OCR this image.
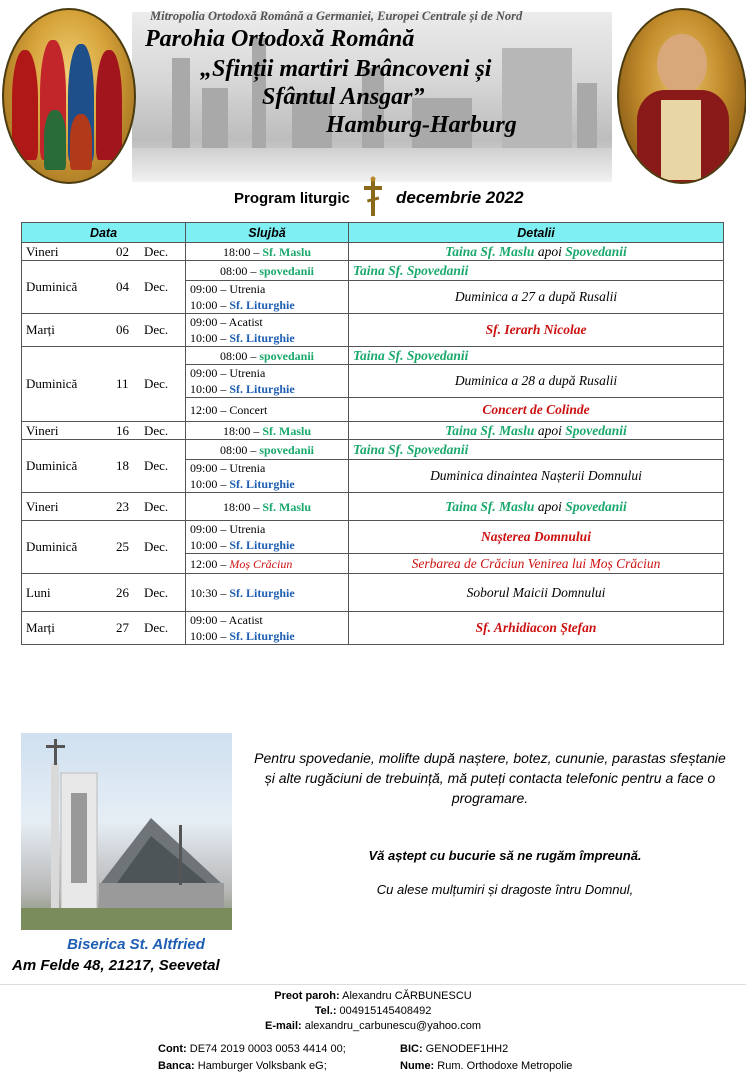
Mitropolia Ortodoxă Română a Germaniei, Europei Centrale și de Nord
Parohia Ortodoxă Română
„Sfinții martiri Brâncoveni și
Sfântul Ansgar”
Hamburg-Harburg
Program liturgic	decembrie 2022
Data	Slujbă	Detalii
Vineri 02 Dec.	18:00 – Sf. Maslu	Taina Sf. Maslu apoi Spovedanii
Duminică 04 Dec.	08:00 – spovedanii	Taina Sf. Spovedanii

	09:00 – Utrenia
10:00 – Sf. Liturghie	Duminica a 27 a după Rusalii
Marți 06 Dec.	09:00 – Acatist
10:00 – Sf. Liturghie	Sf. Ierarh Nicolae
Duminică 11 Dec.	08:00 – spovedanii	Taina Sf. Spovedanii

	09:00 – Utrenia
10:00 – Sf. Liturghie	Duminica a 28 a după Rusalii
	12:00 – Concert	Concert de Colinde
Vineri 16 Dec.	18:00 – Sf. Maslu	Taina Sf. Maslu apoi Spovedanii
Duminică 18 Dec.	08:00 – spovedanii	Taina Sf. Spovedanii

	09:00 – Utrenia
10:00 – Sf. Liturghie	Duminica dinaintea Nașterii Domnului
Vineri 23 Dec.	18:00 – Sf. Maslu	Taina Sf. Maslu apoi Spovedanii
Duminică 25 Dec.	09:00 – Utrenia
10:00 – Sf. Liturghie	Nașterea Domnului
	12:00 – Moș Crăciun	Serbarea de Crăciun Venirea lui Moș Crăciun
Luni 26 Dec.	10:30 – Sf. Liturghie	Soborul Maicii Domnului
Marți 27 Dec.	09:00 – Acatist
10:00 – Sf. Liturghie	Sf. Arhidiacon Ștefan
Biserica St. Altfried
Am Felde 48, 21217, Seevetal
Pentru spovedanie, molifte după naștere, botez, cununie, parastas sfeștanie și alte rugăciuni de trebuință, mă puteți contacta telefonic pentru a face o programare.
Vă aștept cu bucurie să ne rugăm împreună.
Cu alese mulțumiri și dragoste întru Domnul,
Preot paroh: Alexandru CĂRBUNESCU
Tel.: 004915145408492
E-mail: alexandru_carbunescu@yahoo.com
Cont: DE74 2019 0003 0053 4414 00;
Banca: Hamburger Volksbank eG;
BIC: GENODEF1HH2
Nume: Rum. Orthodoxe Metropolie
